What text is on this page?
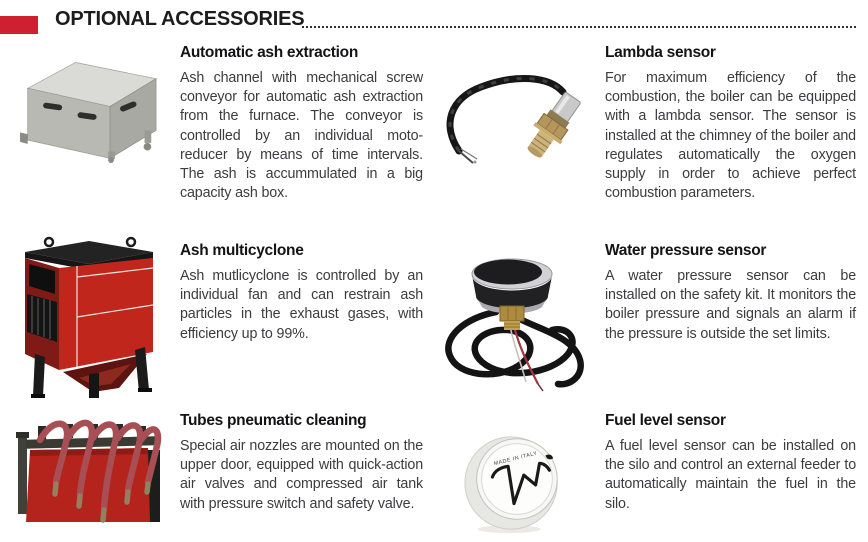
OPTIONAL ACCESSORIES
Automatic ash extraction

Ash channel with mechanical screw conveyor for automatic ash extraction from the furnace. The conveyor is controlled by an individual moto-reducer by means of time intervals. The ash is accummulated in a big capacity ash box.

Lambda sensor

For maximum efficiency of the combustion, the boiler can be equipped with a lambda sensor. The sensor is installed at the chimney of the boiler and regulates automatically the oxygen supply in order to achieve perfect combustion parameters.

Ash multicyclone

Ash mutlicyclone is controlled by an individual fan and can restrain ash particles in the exhaust gases, with efficiency up to 99%.

Water pressure sensor

A water pressure sensor can be installed on the safety kit. It monitors the boiler pressure and signals an alarm if the pressure is outside the set limits.

Tubes pneumatic cleaning

Special air nozzles are mounted on the upper door, equipped with quick-action air valves and compressed air tank with pressure switch and safety valve.

MADE IN ITALY
Fuel level sensor

A fuel level sensor can be installed on the silo and control an external feeder to automatically maintain the fuel in the silo.
